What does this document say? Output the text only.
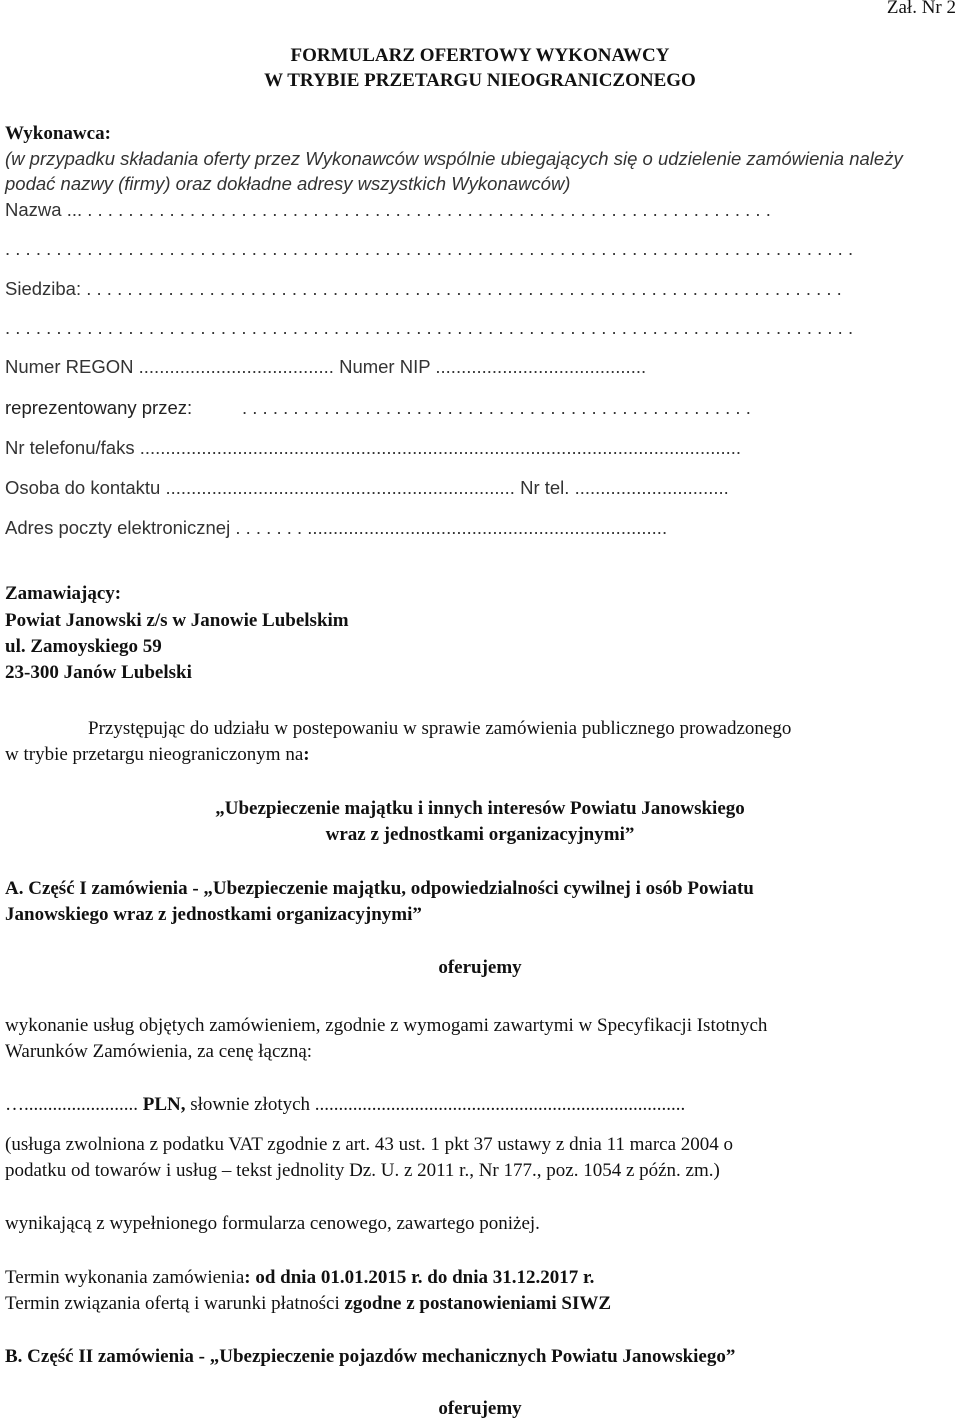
Zał. Nr 2
FORMULARZ OFERTOWY WYKONAWCY
W TRYBIE PRZETARGU NIEOGRANICZONEGO
Wykonawca:
(w przypadku składania oferty przez Wykonawców wspólnie ubiegających się o udzielenie zamówienia należy
podać nazwy (firmy) oraz dokładne adresy wszystkich Wykonawców)
Nazwa ... . . . . . . . . . . . . . . . . . . . . . . . . . . . . . . . . . . . . . . . . . . . . . . . . . . . . . . . . . . . . . . . . . . .
. . . . . . . . . . . . . . . . . . . . . . . . . . . . . . . . . . . . . . . . . . . . . . . . . . . . . . . . . . . . . . . . . . . . . . . . . . . . . . . . . . .
Siedziba: . . . . . . . . . . . . . . . . . . . . . . . . . . . . . . . . . . . . . . . . . . . . . . . . . . . . . . . . . . . . . . . . . . . . . . . . . .
. . . . . . . . . . . . . . . . . . . . . . . . . . . . . . . . . . . . . . . . . . . . . . . . . . . . . . . . . . . . . . . . . . . . . . . . . . . . . . . . . . .
Numer REGON ...................................... Numer NIP .........................................
reprezentowany przez:	. . . . . . . . . . . . . . . . . . . . . . . . . . . . . . . . . . . . . . . . . . . . . . . . . .
Nr telefonu/faks .....................................................................................................................
Osoba do kontaktu .................................................................... Nr tel. ..............................
Adres poczty elektronicznej . . . . . . . ......................................................................
Zamawiający:
Powiat Janowski z/s w Janowie Lubelskim
ul. Zamoyskiego 59
23-300 Janów Lubelski
Przystępując do udziału w postepowaniu w sprawie zamówienia publicznego prowadzonego
w trybie przetargu nieograniczonym na:
„Ubezpieczenie majątku i innych interesów Powiatu Janowskiego
wraz z jednostkami organizacyjnymi”
A. Część I zamówienia - „Ubezpieczenie majątku, odpowiedzialności cywilnej i osób Powiatu
Janowskiego wraz z jednostkami organizacyjnymi”
oferujemy
wykonanie usług objętych zamówieniem, zgodnie z wymogami zawartymi w Specyfikacji Istotnych
Warunków Zamówienia, za cenę łączną:
…........................ PLN, słownie złotych ..............................................................................
(usługa zwolniona z podatku VAT zgodnie z art. 43 ust. 1 pkt 37 ustawy z dnia 11 marca 2004 o
podatku od towarów i usług – tekst jednolity Dz. U. z 2011 r., Nr 177., poz. 1054 z późn. zm.)
wynikającą z wypełnionego formularza cenowego, zawartego poniżej.
Termin wykonania zamówienia: od dnia 01.01.2015 r. do dnia 31.12.2017 r.
Termin związania ofertą i warunki płatności zgodne z postanowieniami SIWZ
B. Część II zamówienia - „Ubezpieczenie pojazdów mechanicznych Powiatu Janowskiego”
oferujemy
